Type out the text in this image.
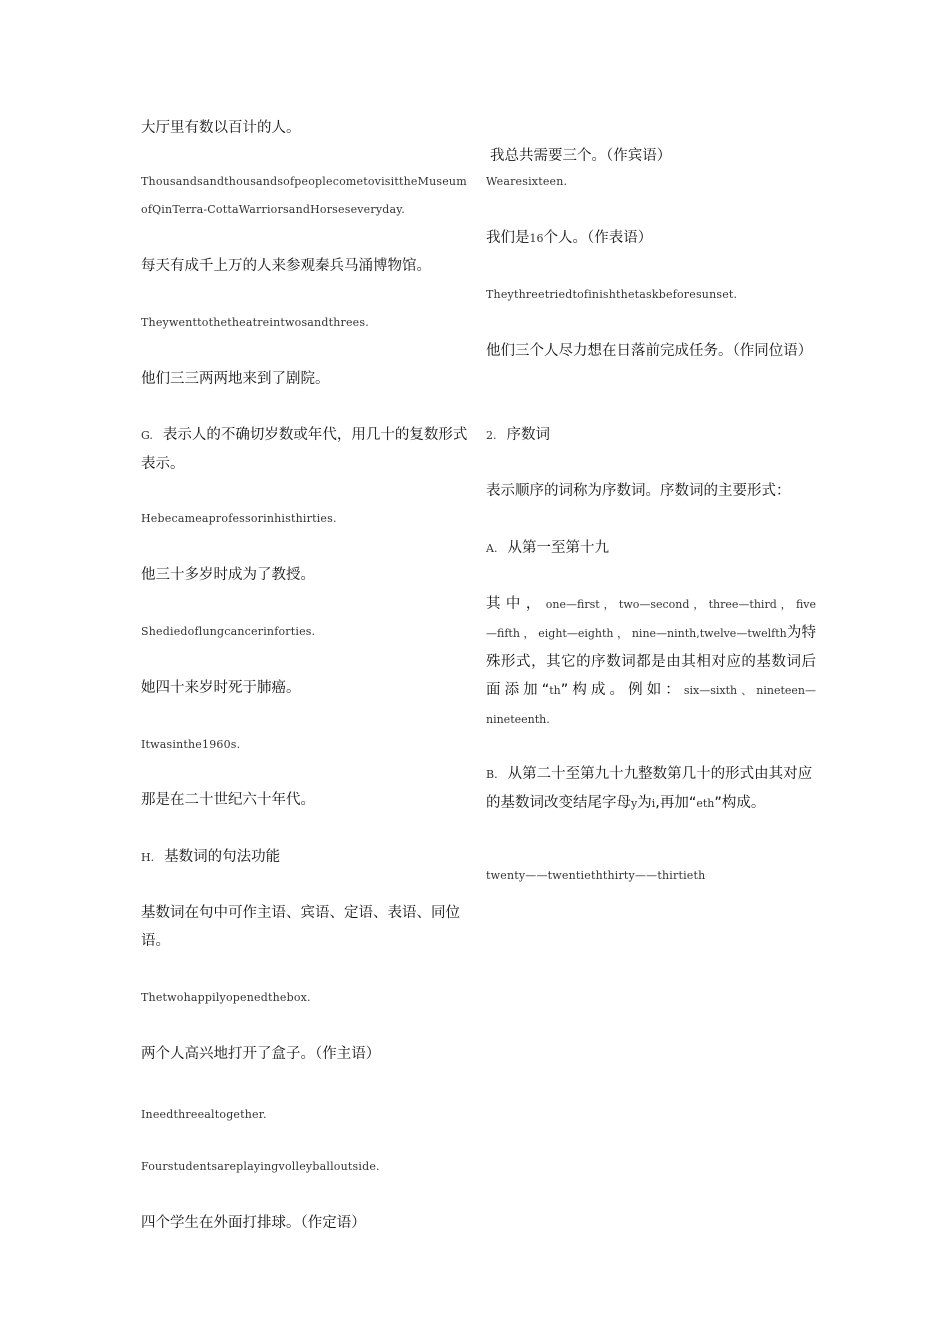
大厅里有数以百计的人。

ThousandsandthousandsofpeoplecometovisittheMuseumofQinTerra-CottaWarriorsandHorseseveryday.

每天有成千上万的人来参观秦兵马涌博物馆。

Theywenttothetheatreintwosandthrees.

他们三三两两地来到了剧院。

G. 表示人的不确切岁数或年代，用几十的复数形式表示。

Hebecameaprofessorinhisthirties.

他三十多岁时成为了教授。

Shediedoflungcancerinforties.

她四十来岁时死于肺癌。

Itwasinthe1960s.

那是在二十世纪六十年代。

H. 基数词的句法功能

基数词在句中可作主语、宾语、定语、表语、同位语。

Thetwohappilyopenedthebox.

两个人高兴地打开了盒子。（作主语）

Ineedthreealtogether.

Fourstudentsareplayingvolleyballoutside.

四个学生在外面打排球。（作定语）

我总共需要三个。（作宾语）

Wearesixteen.

我们是16个人。（作表语）

Theythreetriedtofinishthetaskbeforesunset.

他们三个人尽力想在日落前完成任务。（作同位语）

2. 序数词

表示顺序的词称为序数词。序数词的主要形式：

A. 从第一至第十九

其 中 ， one—first ， two—second ， three—third ， five—fifth ， eight—eighth ， nine—ninth,twelve—twelfth为特殊形式，其它的序数词都是由其相对应的基数词后面添加“th”构成。例如：six—sixth、nineteen—nineteenth.

B. 从第二十至第九十九整数第几十的形式由其对应的基数词改变结尾字母y为i,再加“eth”构成。

twenty——twentieththirty——thirtieth
